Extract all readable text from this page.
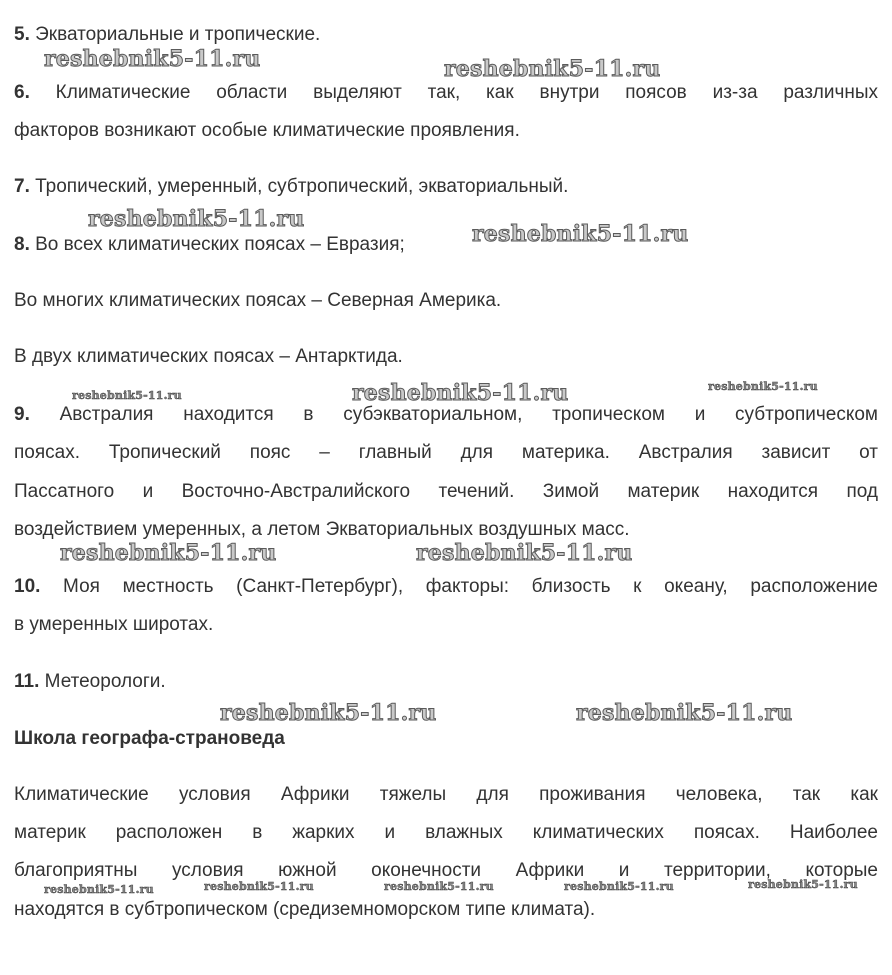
5. Экваториальные и тропические.
6. Климатические области выделяют так, как внутри поясов из-за различных
факторов возникают особые климатические проявления.
7. Тропический, умеренный, субтропический, экваториальный.
8. Во всех климатических поясах – Евразия;
Во многих климатических поясах – Северная Америка.
В двух климатических поясах – Антарктида.
9. Австралия находится в субэкваториальном, тропическом и субтропическом
поясах. Тропический пояс – главный для материка. Австралия зависит от
Пассатного и Восточно-Австралийского течений. Зимой материк находится под
воздействием умеренных, а летом Экваториальных воздушных масс.
10. Моя местность (Санкт-Петербург), факторы: близость к океану, расположение
в умеренных широтах.
11. Метеорологи.
Школа географа-страноведа
Климатические условия Африки тяжелы для проживания человека, так как
материк расположен в жарких и влажных климатических поясах. Наиболее
благоприятны условия южной оконечности Африки и территории, которые
находятся в субтропическом (средиземноморском типе климата).
reshebnik5-11.ru	reshebnik5-11.ru
reshebnik5-11.ru
reshebnik5-11.ru
reshebnik5-11.ru	reshebnik5-11.ru	reshebnik5-11.ru
reshebnik5-11.ru	reshebnik5-11.ru
reshebnik5-11.ru	reshebnik5-11.ru
reshebnik5-11.ru	reshebnik5-11.ru	reshebnik5-11.ru	reshebnik5-11.ru	reshebnik5-11.ru
